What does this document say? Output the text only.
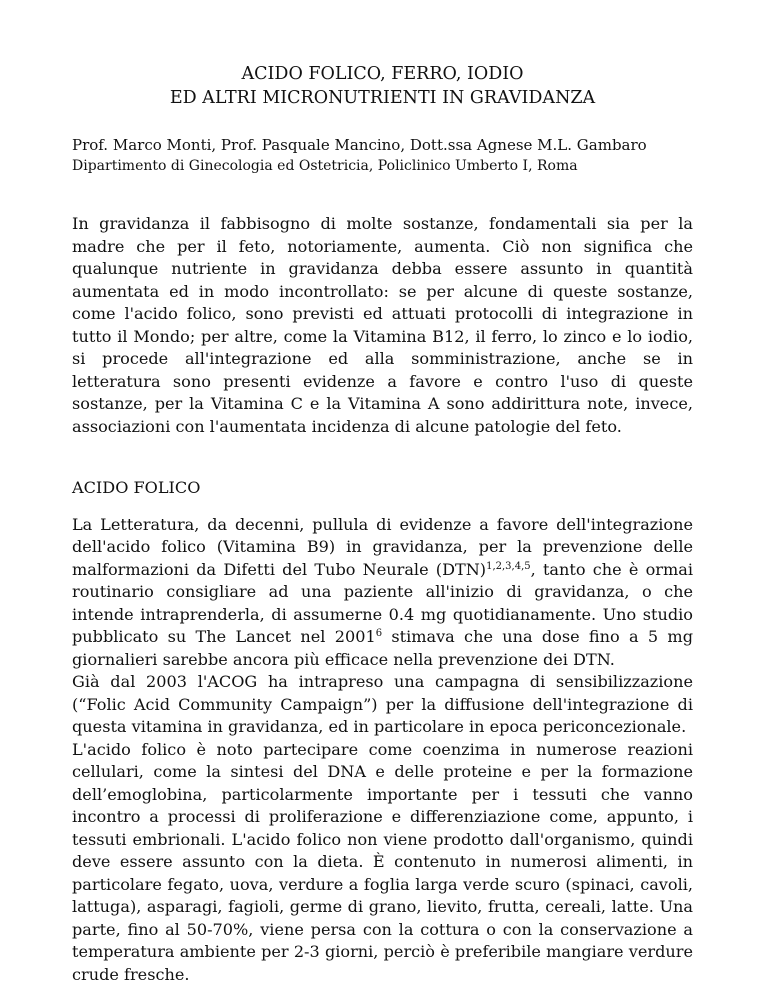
ACIDO FOLICO, FERRO, IODIO
ED ALTRI MICRONUTRIENTI IN GRAVIDANZA

Prof. Marco Monti, Prof. Pasquale Mancino, Dott.ssa Agnese M.L. Gambaro
Dipartimento di Ginecologia ed Ostetricia, Policlinico Umberto I, Roma

In gravidanza il fabbisogno di molte sostanze, fondamentali sia per la madre che per il feto, notoriamente, aumenta. Ciò non significa che qualunque nutriente in gravidanza debba essere assunto in quantità aumentata ed in modo incontrollato: se per alcune di queste sostanze, come l'acido folico, sono previsti ed attuati protocolli di integrazione in tutto il Mondo; per altre, come la Vitamina B12, il ferro, lo zinco e lo iodio, si procede all'integrazione ed alla somministrazione, anche se in letteratura sono presenti evidenze a favore e contro l'uso di queste sostanze, per la Vitamina C e la Vitamina A sono addirittura note, invece, associazioni con l'aumentata incidenza di alcune patologie del feto.

ACIDO FOLICO

La Letteratura, da decenni, pullula di evidenze a favore dell'integrazione dell'acido folico (Vitamina B9) in gravidanza, per la prevenzione delle malformazioni da Difetti del Tubo Neurale (DTN)$^{1,2,3,4,5}$, tanto che è ormai routinario consigliare ad una paziente all'inizio di gravidanza, o che intende intraprenderla, di assumerne 0.4 mg quotidianamente. Uno studio pubblicato su The Lancet nel 2001$^6$ stimava che una dose fino a 5 mg giornalieri sarebbe ancora più efficace nella prevenzione dei DTN.

Già dal 2003 l'ACOG ha intrapreso una campagna di sensibilizzazione (“Folic Acid Community Campaign”) per la diffusione dell'integrazione di questa vitamina in gravidanza, ed in particolare in epoca periconcezionale.

L'acido folico è noto partecipare come coenzima in numerose reazioni cellulari, come la sintesi del DNA e delle proteine e per la formazione dell’emoglobina, particolarmente importante per i tessuti che vanno incontro a processi di proliferazione e differenziazione come, appunto, i tessuti embrionali. L'acido folico non viene prodotto dall'organismo, quindi deve essere assunto con la dieta. È contenuto in numerosi alimenti, in particolare fegato, uova, verdure a foglia larga verde scuro (spinaci, cavoli, lattuga), asparagi, fagioli, germe di grano, lievito, frutta, cereali, latte. Una parte, fino al 50-70%, viene persa con la cottura o con la conservazione a temperatura ambiente per 2-3 giorni, perciò è preferibile mangiare verdure crude fresche.
